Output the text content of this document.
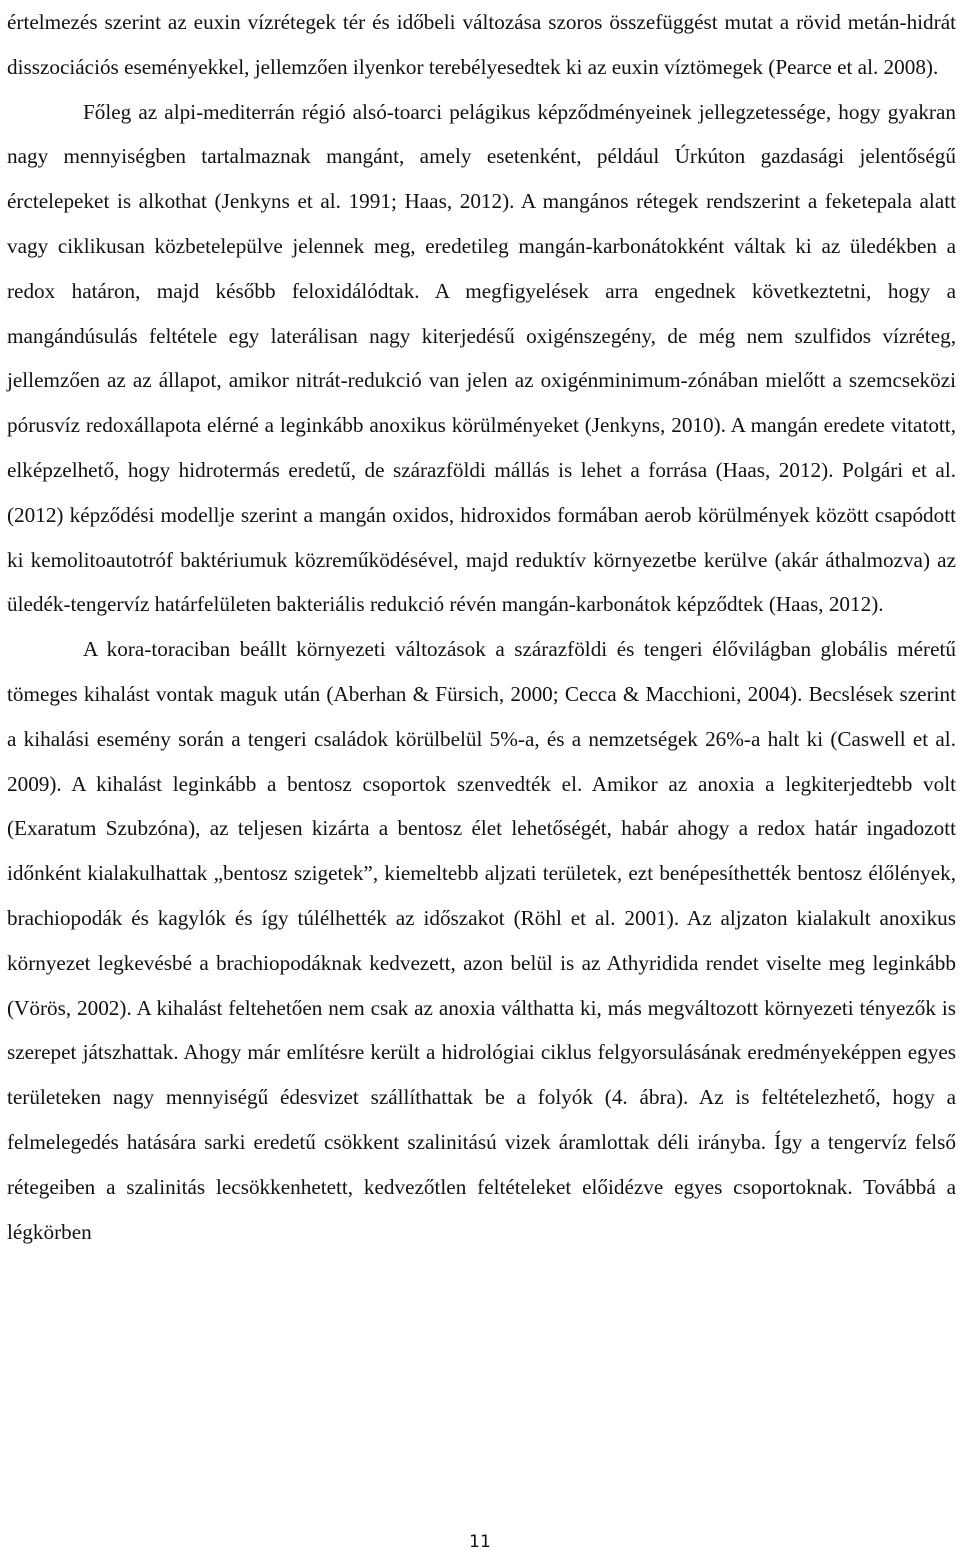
értelmezés szerint az euxin vízrétegek tér és időbeli változása szoros összefüggést mutat a rövid metán-hidrát disszociációs eseményekkel, jellemzően ilyenkor terebélyesedtek ki az euxin víztömegek (Pearce et al. 2008).

Főleg az alpi-mediterrán régió alsó-toarci pelágikus képződményeinek jellegzetessége, hogy gyakran nagy mennyiségben tartalmaznak mangánt, amely esetenként, például Úrkúton gazdasági jelentőségű érctelepeket is alkothat (Jenkyns et al. 1991; Haas, 2012). A mangános rétegek rendszerint a feketepala alatt vagy ciklikusan közbetelepülve jelennek meg, eredetileg mangán-karbonátokként váltak ki az üledékben a redox határon, majd később feloxidálódtak. A megfigyelések arra engednek következtetni, hogy a mangándúsulás feltétele egy laterálisan nagy kiterjedésű oxigénszegény, de még nem szulfidos vízréteg, jellemzően az az állapot, amikor nitrát-redukció van jelen az oxigénminimum-zónában mielőtt a szemcseközi pórusvíz redoxállapota elérné a leginkább anoxikus körülményeket (Jenkyns, 2010). A mangán eredete vitatott, elképzelhető, hogy hidrotermás eredetű, de szárazföldi mállás is lehet a forrása (Haas, 2012). Polgári et al. (2012) képződési modellje szerint a mangán oxidos, hidroxidos formában aerob körülmények között csapódott ki kemolitoautotróf baktériumuk közreműködésével, majd reduktív környezetbe kerülve (akár áthalmozva) az üledék-tengervíz határfelületen bakteriális redukció révén mangán-karbonátok képződtek (Haas, 2012).

A kora-toraciban beállt környezeti változások a szárazföldi és tengeri élővilágban globális méretű tömeges kihalást vontak maguk után (Aberhan & Fürsich, 2000; Cecca & Macchioni, 2004). Becslések szerint a kihalási esemény során a tengeri családok körülbelül 5%-a, és a nemzetségek 26%-a halt ki (Caswell et al. 2009). A kihalást leginkább a bentosz csoportok szenvedték el. Amikor az anoxia a legkiterjedtebb volt (Exaratum Szubzóna), az teljesen kizárta a bentosz élet lehetőségét, habár ahogy a redox határ ingadozott időnként kialakulhattak „bentosz szigetek”, kiemeltebb aljzati területek, ezt benépesíthették bentosz élőlények, brachiopodák és kagylók és így túlélhették az időszakot (Röhl et al. 2001). Az aljzaton kialakult anoxikus környezet legkevésbé a brachiopodáknak kedvezett, azon belül is az Athyridida rendet viselte meg leginkább (Vörös, 2002). A kihalást feltehetően nem csak az anoxia válthatta ki, más megváltozott környezeti tényezők is szerepet játszhattak. Ahogy már említésre került a hidrológiai ciklus felgyorsulásának eredményeképpen egyes területeken nagy mennyiségű édesvizet szállíthattak be a folyók (4. ábra). Az is feltételezhető, hogy a felmelegedés hatására sarki eredetű csökkent szalinitású vizek áramlottak déli irányba. Így a tengervíz felső rétegeiben a szalinitás lecsökkenhetett, kedvezőtlen feltételeket előidézve egyes csoportoknak. Továbbá a légkörben

11
